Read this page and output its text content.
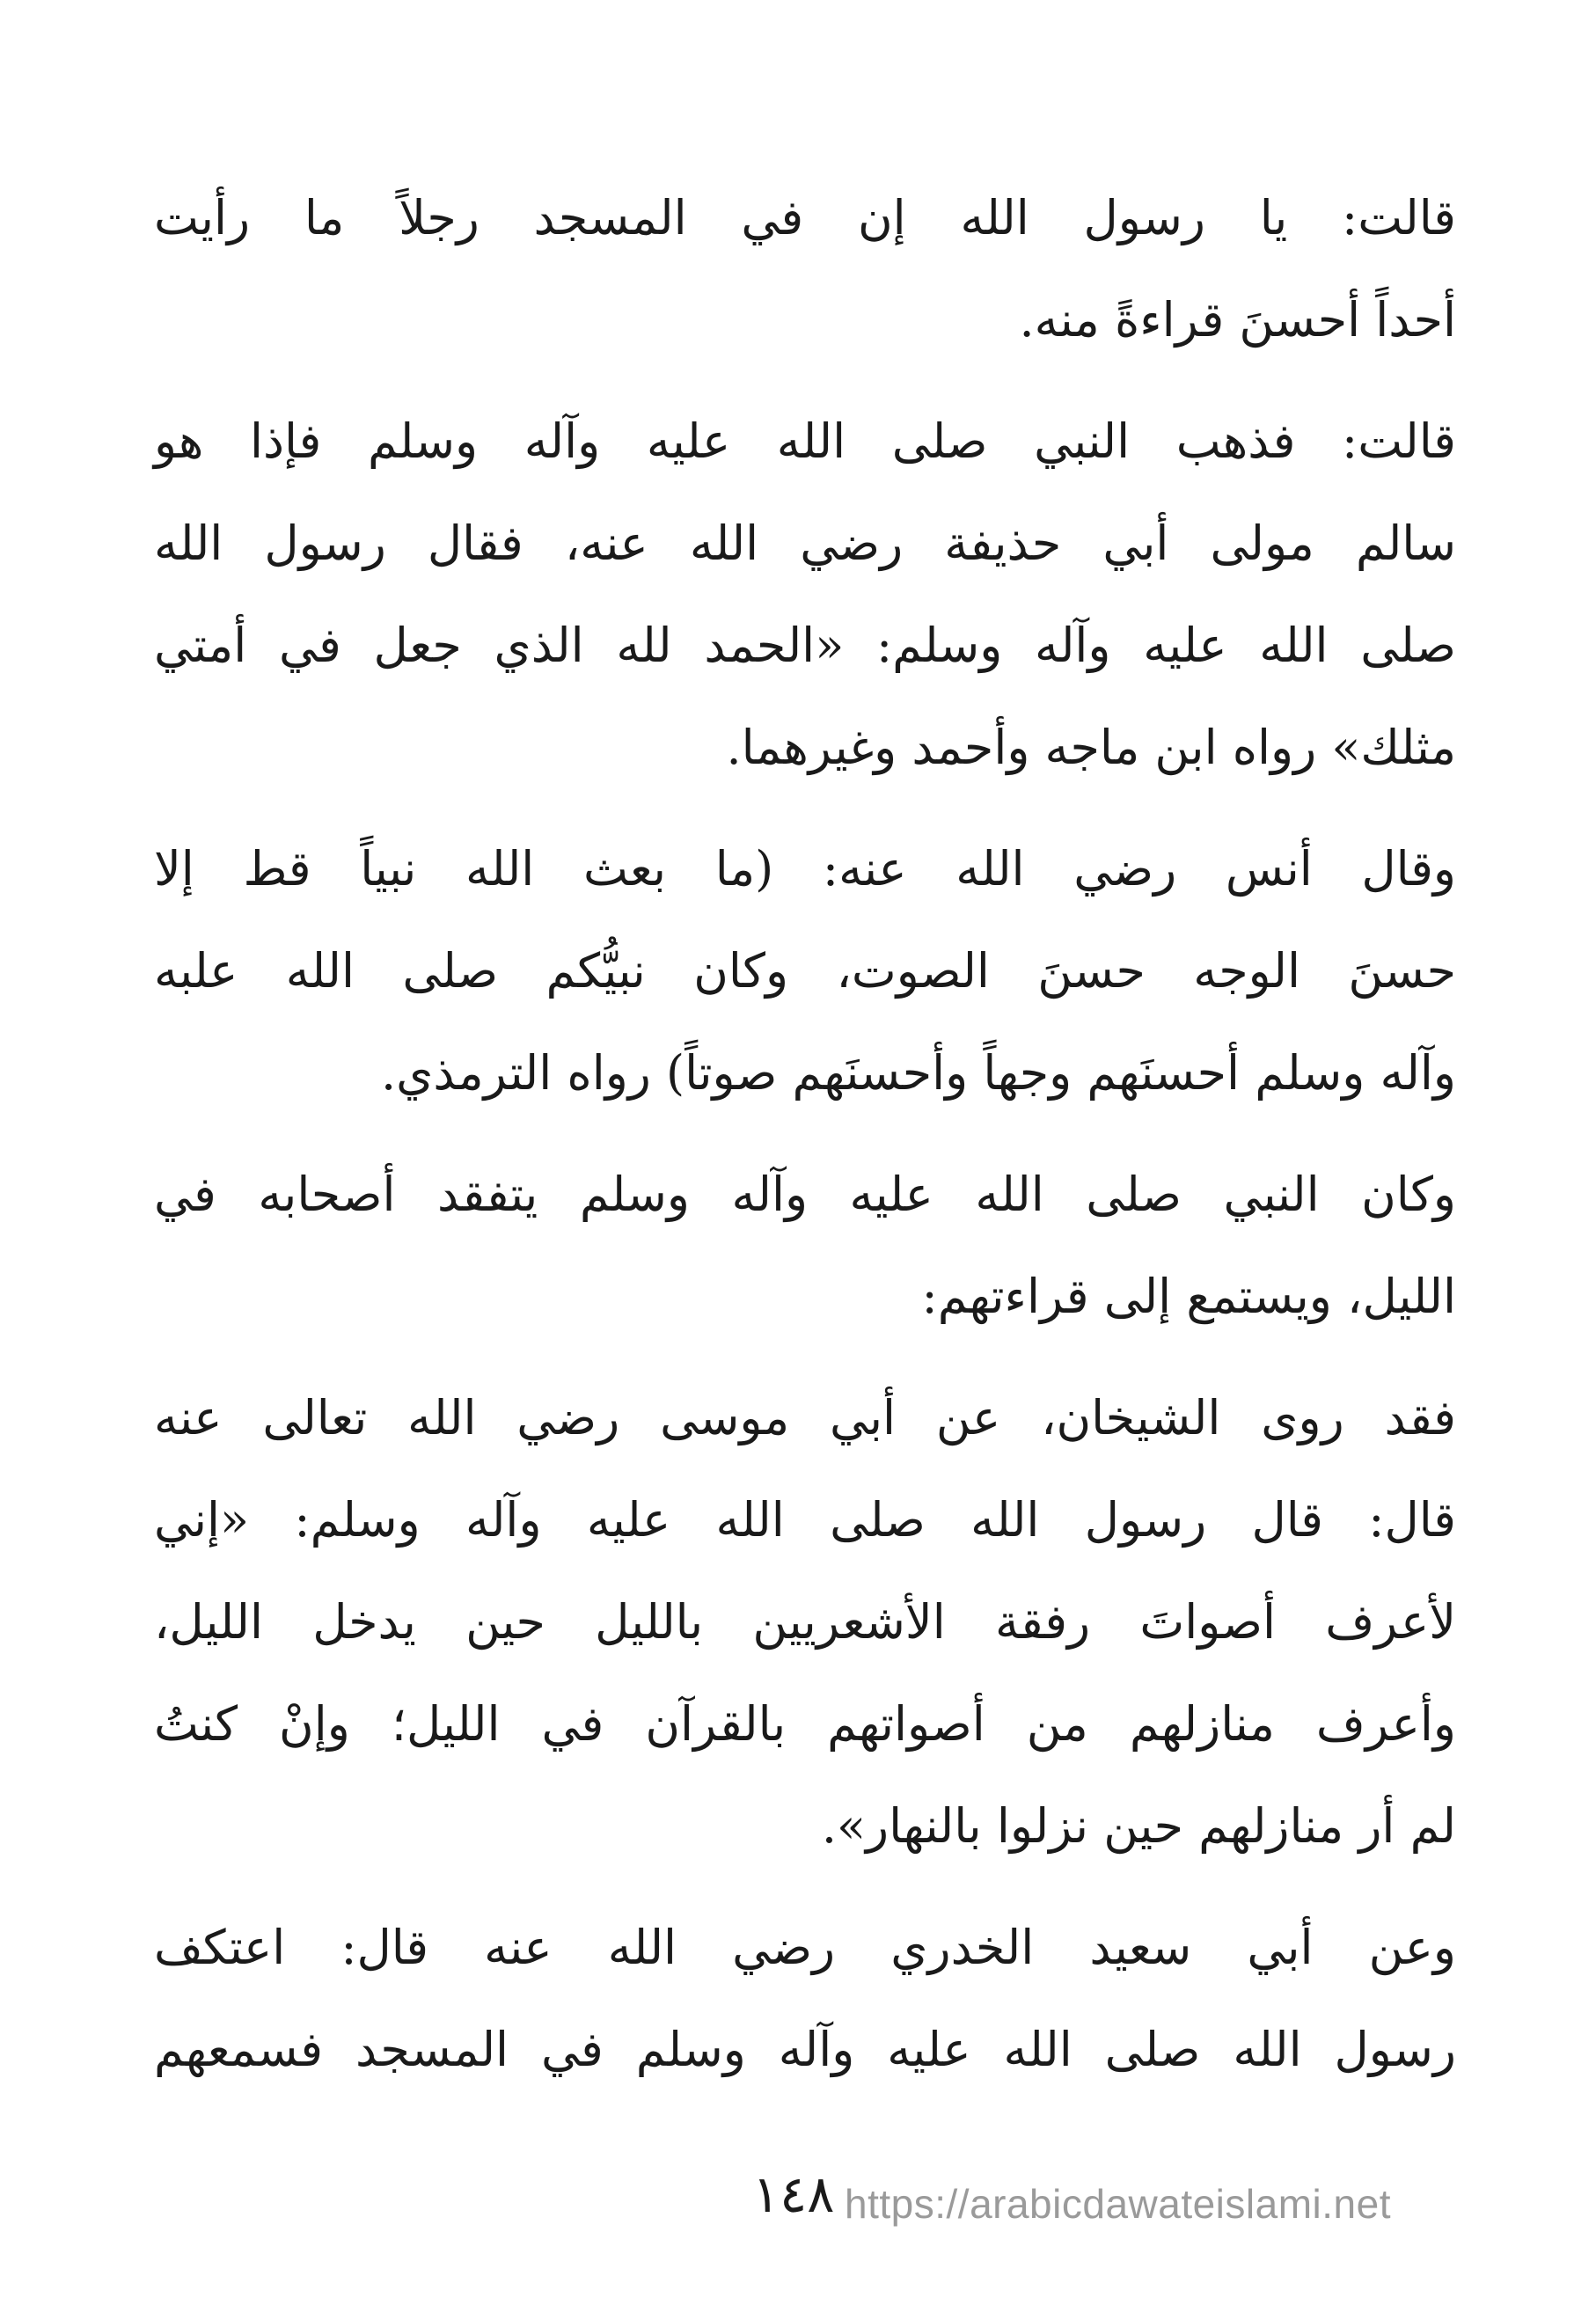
قالت: يا رسول الله إن في المسجد رجلاً ما رأيت
أحداً أحسنَ قراءةً منه.
قالت: فذهب النبي صلى الله عليه وآله وسلم فإذا هو
سالم مولى أبي حذيفة رضي الله عنه، فقال رسول الله
صلى الله عليه وآله وسلم: «الحمد لله الذي جعل في أمتي
مثلك» رواه ابن ماجه وأحمد وغيرهما.
وقال أنس رضي الله عنه: (ما بعث الله نبياً قط إلا
حسنَ الوجه حسنَ الصوت، وكان نبيُّكم صلى الله علبه
وآله وسلم أحسنَهم وجهاً وأحسنَهم صوتاً) رواه الترمذي.
وكان النبي صلى الله عليه وآله وسلم يتفقد أصحابه في
الليل، ويستمع إلى قراءتهم:
فقد روى الشيخان، عن أبي موسى رضي الله تعالى عنه
قال: قال رسول الله صلى الله عليه وآله وسلم: «إني
لأعرف أصواتَ رفقة الأشعريين بالليل حين يدخل الليل،
وأعرف منازلهم من أصواتهم بالقرآن في الليل؛ وإنْ كنتُ
لم أر منازلهم حين نزلوا بالنهار».
وعن أبي سعيد الخدري رضي الله عنه قال: اعتكف
رسول الله صلى الله عليه وآله وسلم في المسجد فسمعهم
١٤٨ https://arabicdawateislami.net
